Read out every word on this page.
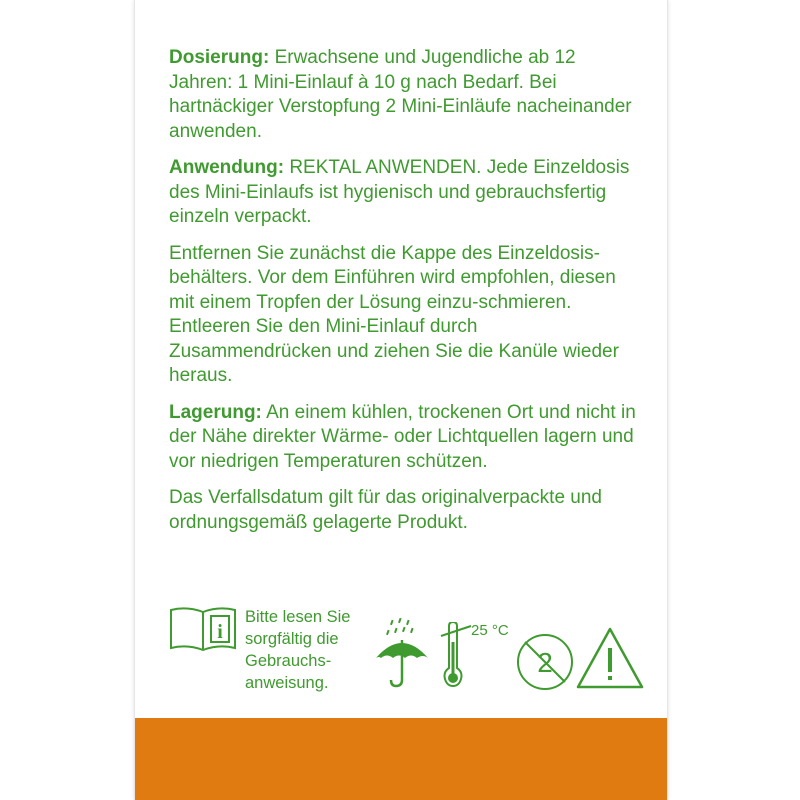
Dosierung: Erwachsene und Jugendliche ab 12 Jahren: 1 Mini-Einlauf à 10 g nach Bedarf. Bei hartnäckiger Verstopfung 2 Mini-Einläufe nacheinander anwenden.

Anwendung: REKTAL ANWENDEN. Jede Einzeldosis des Mini-Einlaufs ist hygienisch und gebrauchsfertig einzeln verpackt.

Entfernen Sie zunächst die Kappe des Einzeldosis-behälters. Vor dem Einführen wird empfohlen, diesen mit einem Tropfen der Lösung einzu-schmieren. Entleeren Sie den Mini-Einlauf durch Zusammendrücken und ziehen Sie die Kanüle wieder heraus.

Lagerung: An einem kühlen, trockenen Ort und nicht in der Nähe direkter Wärme- oder Lichtquellen lagern und vor niedrigen Temperaturen schützen.

Das Verfallsdatum gilt für das originalverpackte und ordnungsgemäß gelagerte Produkt.

i
Bitte lesen Sie
sorgfältig die
Gebrauchs-
anweisung.
25 °C
2
